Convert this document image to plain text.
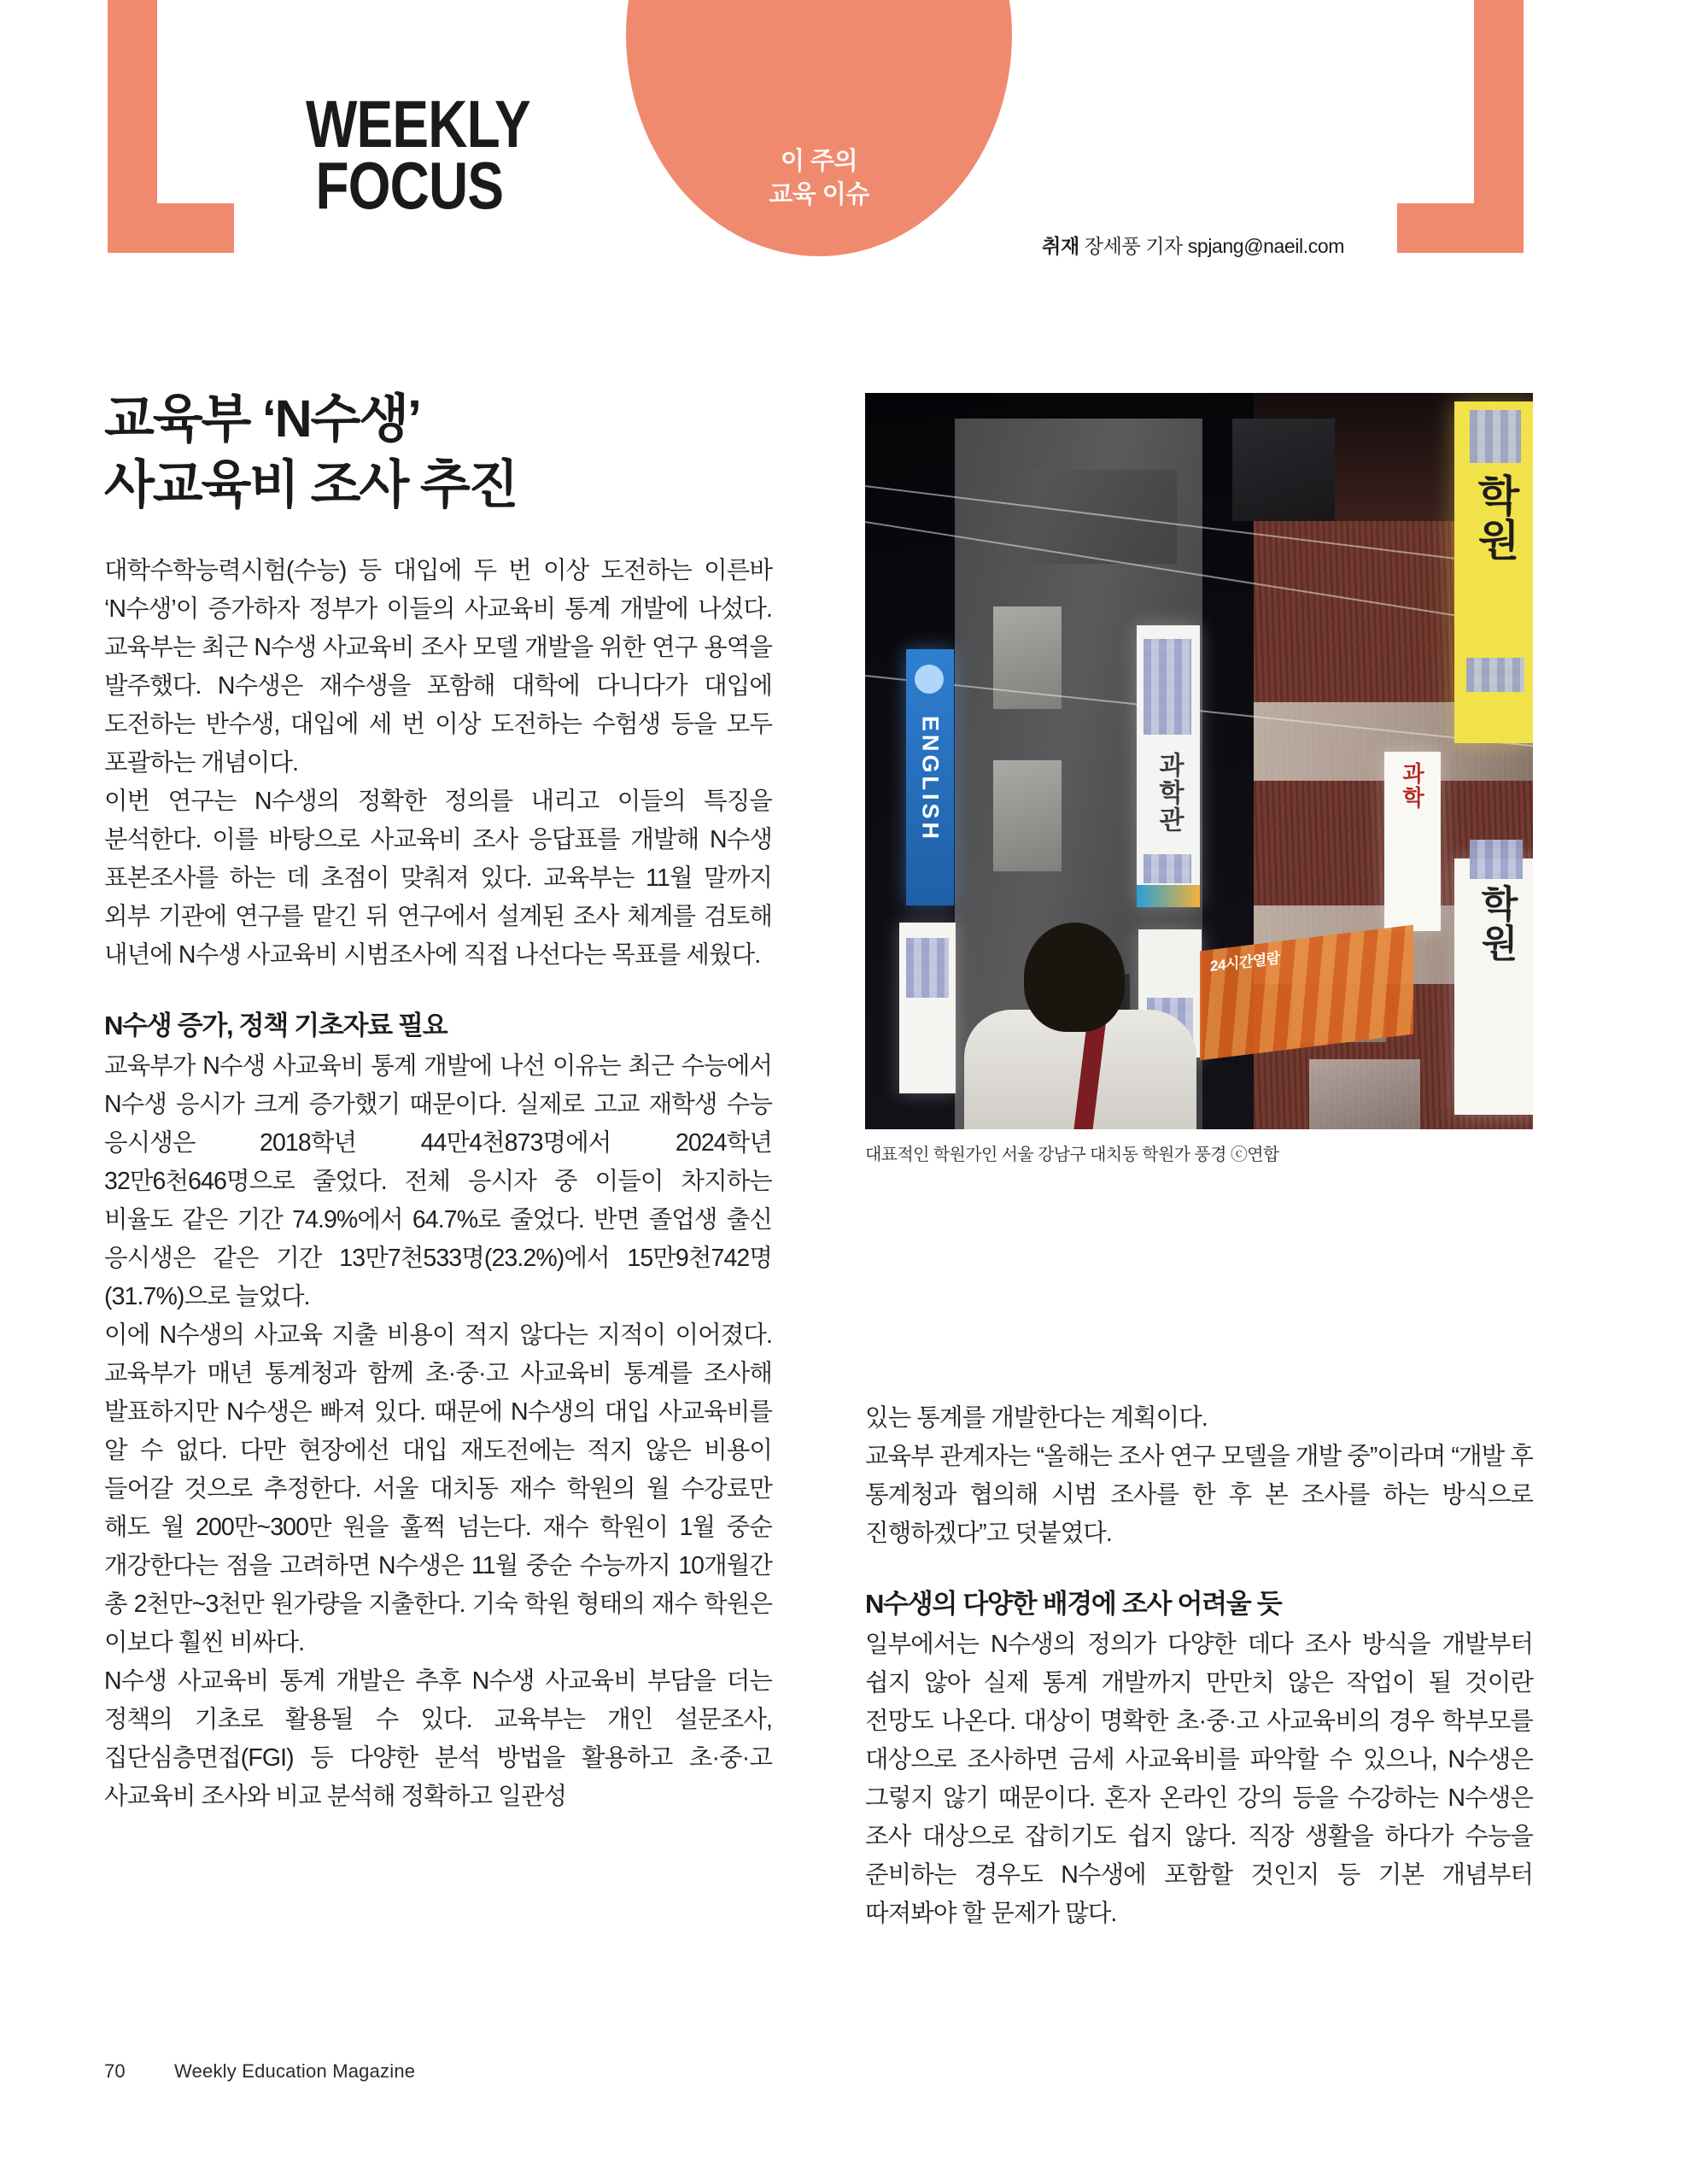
이 주의
교육 이슈
WEEKLY
FOCUS
취재 장세풍 기자 spjang@naeil.com
교육부 ‘N수생’
사교육비 조사 추진

대학수학능력시험(수능) 등 대입에 두 번 이상 도전하는 이른바 ‘N수생’이 증가하자 정부가 이들의 사교육비 통계 개발에 나섰다. 교육부는 최근 N수생 사교육비 조사 모델 개발을 위한 연구 용역을 발주했다. N수생은 재수생을 포함해 대학에 다니다가 대입에 도전하는 반수생, 대입에 세 번 이상 도전하는 수험생 등을 모두 포괄하는 개념이다.

이번 연구는 N수생의 정확한 정의를 내리고 이들의 특징을 분석한다. 이를 바탕으로 사교육비 조사 응답표를 개발해 N수생 표본조사를 하는 데 초점이 맞춰져 있다. 교육부는 11월 말까지 외부 기관에 연구를 맡긴 뒤 연구에서 설계된 조사 체계를 검토해 내년에 N수생 사교육비 시범조사에 직접 나선다는 목표를 세웠다.

N수생 증가, 정책 기초자료 필요

교육부가 N수생 사교육비 통계 개발에 나선 이유는 최근 수능에서 N수생 응시가 크게 증가했기 때문이다. 실제로 고교 재학생 수능 응시생은 2018학년 44만4천873명에서 2024학년 32만6천646명으로 줄었다. 전체 응시자 중 이들이 차지하는 비율도 같은 기간 74.9%에서 64.7%로 줄었다. 반면 졸업생 출신 응시생은 같은 기간 13만7천533명(23.2%)에서 15만9천742명(31.7%)으로 늘었다.

이에 N수생의 사교육 지출 비용이 적지 않다는 지적이 이어졌다. 교육부가 매년 통계청과 함께 초·중·고 사교육비 통계를 조사해 발표하지만 N수생은 빠져 있다. 때문에 N수생의 대입 사교육비를 알 수 없다. 다만 현장에선 대입 재도전에는 적지 않은 비용이 들어갈 것으로 추정한다. 서울 대치동 재수 학원의 월 수강료만 해도 월 200만~300만 원을 훌쩍 넘는다. 재수 학원이 1월 중순 개강한다는 점을 고려하면 N수생은 11월 중순 수능까지 10개월간 총 2천만~3천만 원가량을 지출한다. 기숙 학원 형태의 재수 학원은 이보다 훨씬 비싸다.

N수생 사교육비 통계 개발은 추후 N수생 사교육비 부담을 더는 정책의 기초로 활용될 수 있다. 교육부는 개인 설문조사, 집단심층면접(FGI) 등 다양한 분석 방법을 활용하고 초·중·고 사교육비 조사와 비교 분석해 정확하고 일관성

ENGLISH	과학관
학원
학원
과학
24시간열람
대표적인 학원가인 서울 강남구 대치동 학원가 풍경 ⓒ연합

있는 통계를 개발한다는 계획이다.

교육부 관계자는 “올해는 조사 연구 모델을 개발 중”이라며 “개발 후 통계청과 협의해 시범 조사를 한 후 본 조사를 하는 방식으로 진행하겠다”고 덧붙였다.

N수생의 다양한 배경에 조사 어려울 듯

일부에서는 N수생의 정의가 다양한 데다 조사 방식을 개발부터 쉽지 않아 실제 통계 개발까지 만만치 않은 작업이 될 것이란 전망도 나온다. 대상이 명확한 초·중·고 사교육비의 경우 학부모를 대상으로 조사하면 금세 사교육비를 파악할 수 있으나, N수생은 그렇지 않기 때문이다. 혼자 온라인 강의 등을 수강하는 N수생은 조사 대상으로 잡히기도 쉽지 않다. 직장 생활을 하다가 수능을 준비하는 경우도 N수생에 포함할 것인지 등 기본 개념부터 따져봐야 할 문제가 많다.

70	Weekly Education Magazine
